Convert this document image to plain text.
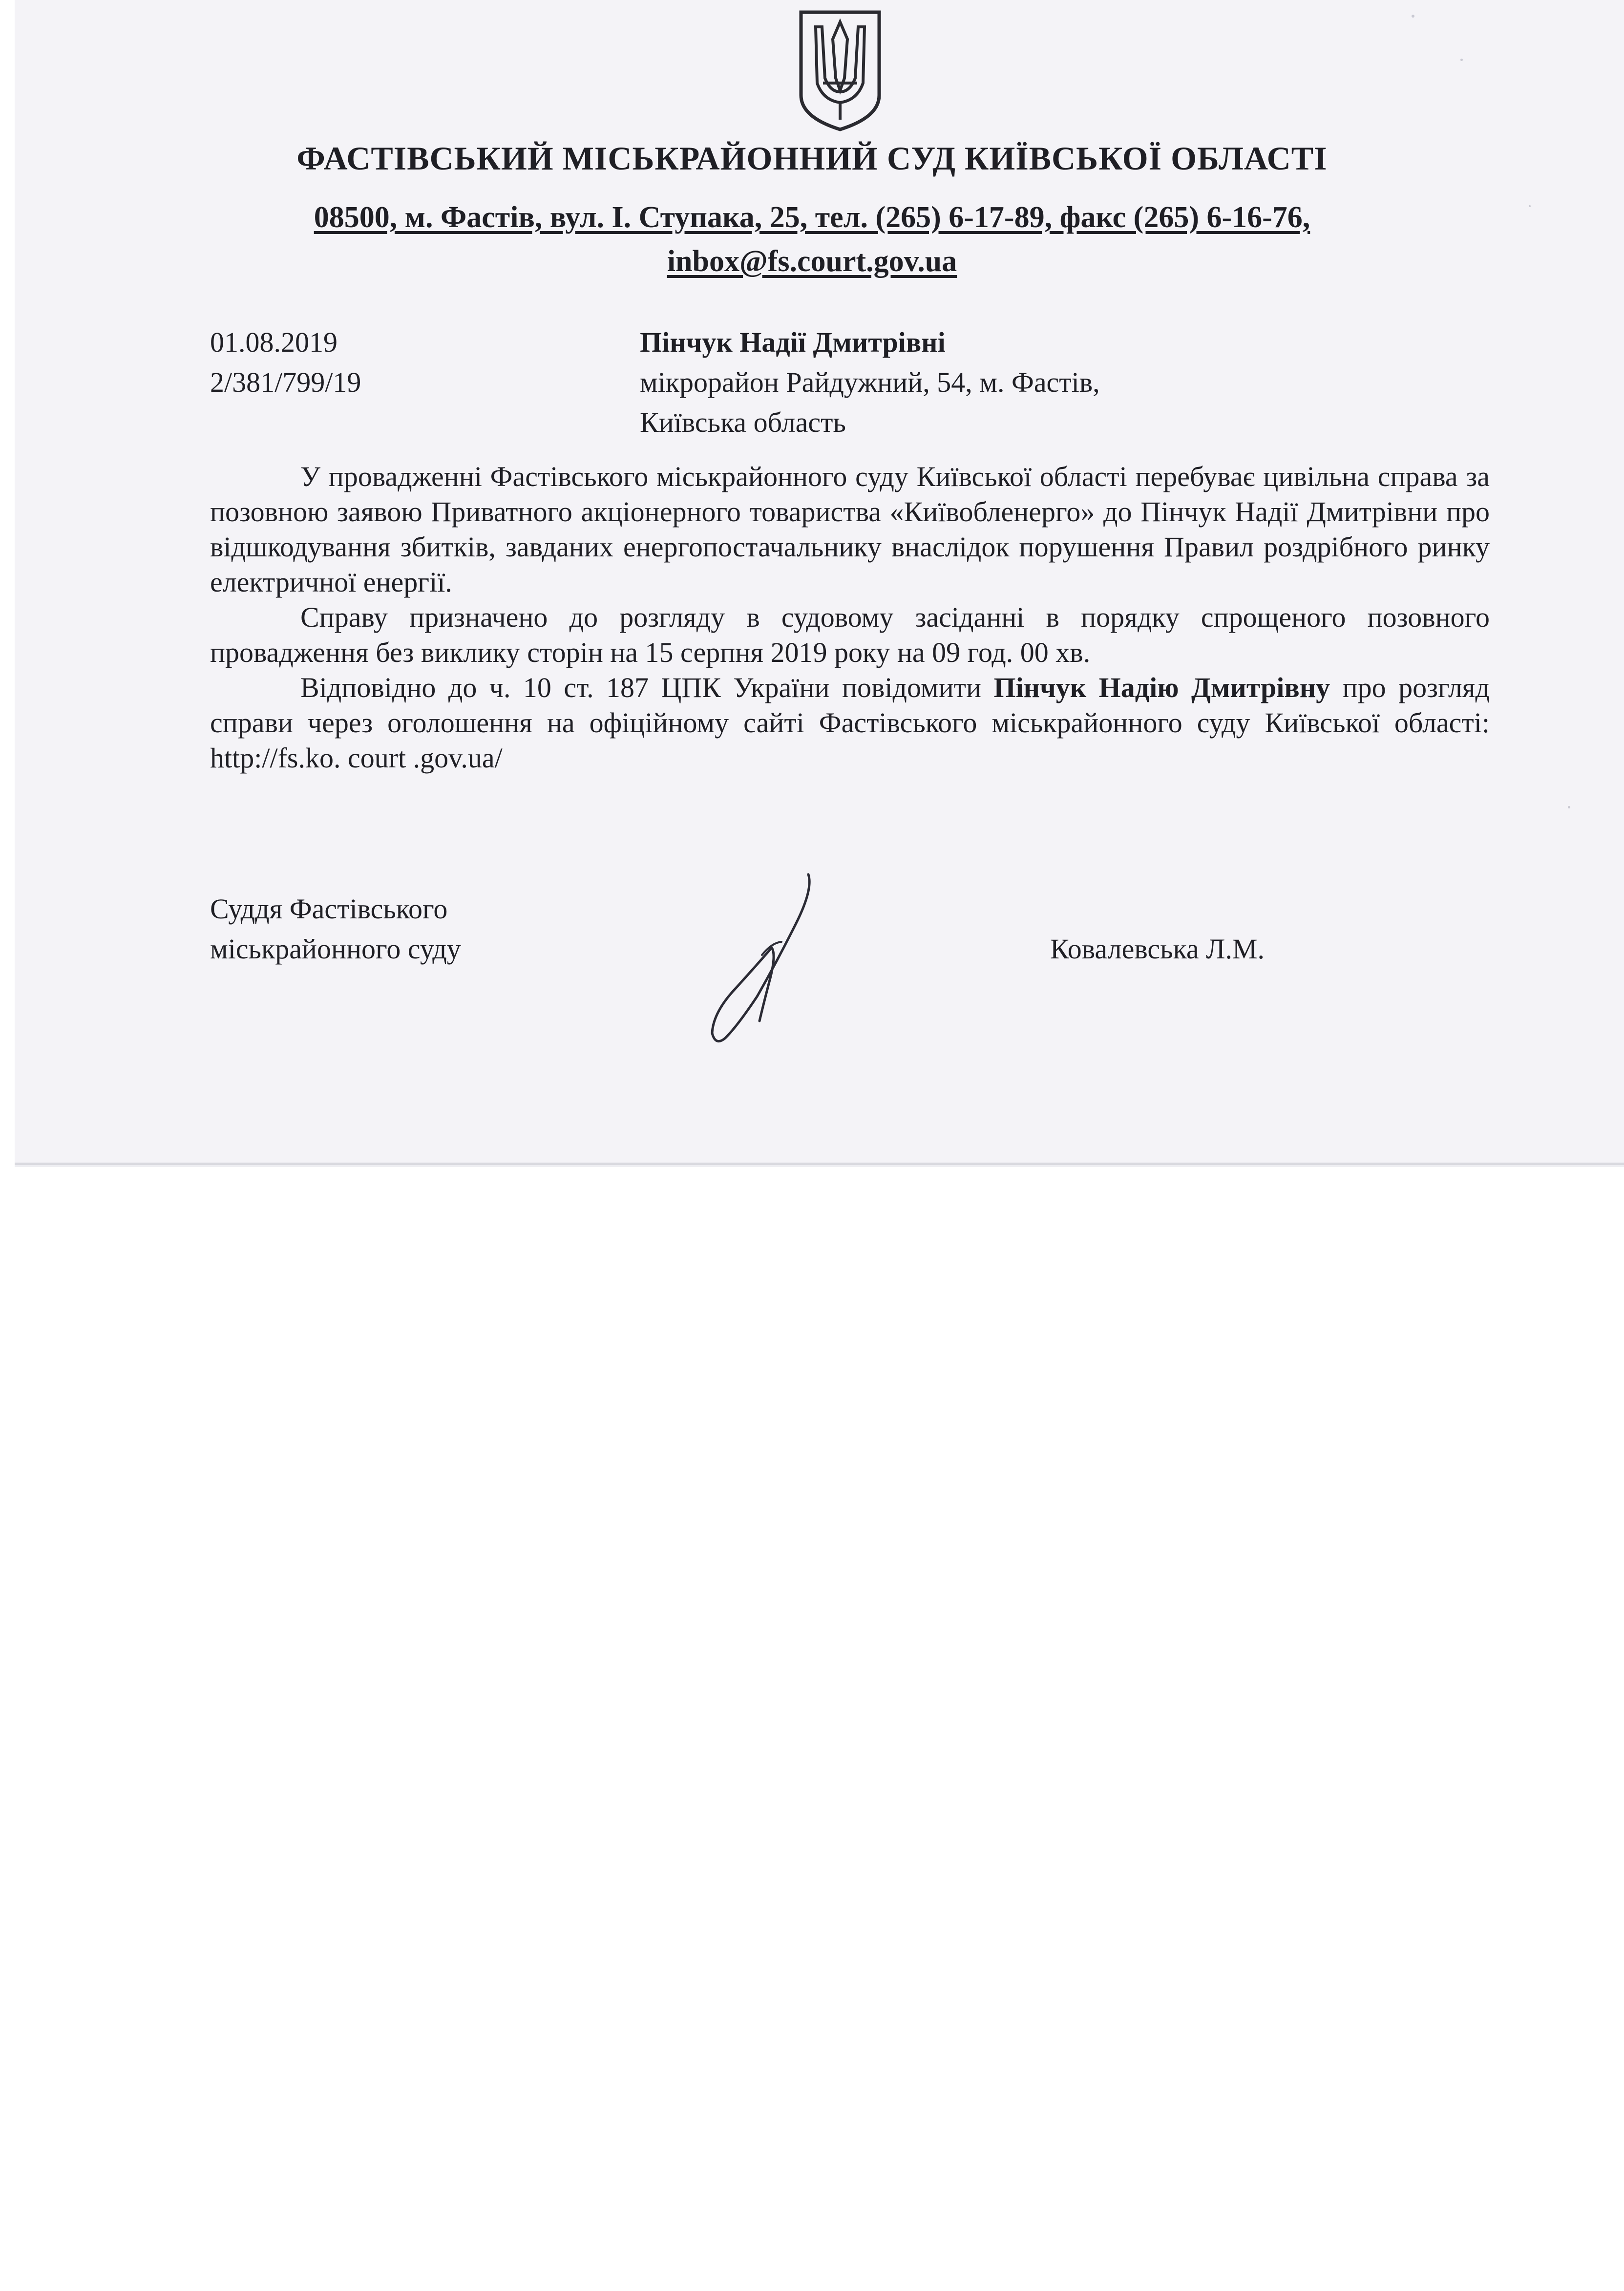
ФАСТІВСЬКИЙ МІСЬКРАЙОННИЙ СУД КИЇВСЬКОЇ ОБЛАСТІ
08500, м. Фастів, вул. І. Ступака, 25, тел. (265) 6-17-89, факс (265) 6-16-76,
inbox@fs.court.gov.ua
01.08.2019
2/381/799/19
Пінчук Надії Дмитрівні
мікрорайон Райдужний, 54, м. Фастів,
Київська область

У провадженні Фастівського міськрайонного суду Київської області перебуває цивільна справа за позовною заявою Приватного акціонерного товариства «Київобленерго» до Пінчук Надії Дмитрівни про відшкодування збитків, завданих енергопостачальнику внаслідок порушення Правил роздрібного ринку електричної енергії.

Справу призначено до розгляду в судовому засіданні в порядку спрощеного позовного провадження без виклику сторін на 15 серпня 2019 року на 09 год. 00 хв.

Відповідно до ч. 10 ст. 187 ЦПК України повідомити Пінчук Надію Дмитрівну про розгляд справи через оголошення на офіційному сайті Фастівського міськрайонного суду Київської області: http://fs.ko. court .gov.ua/

Суддя Фастівського
міськрайонного суду	Ковалевська Л.М.
